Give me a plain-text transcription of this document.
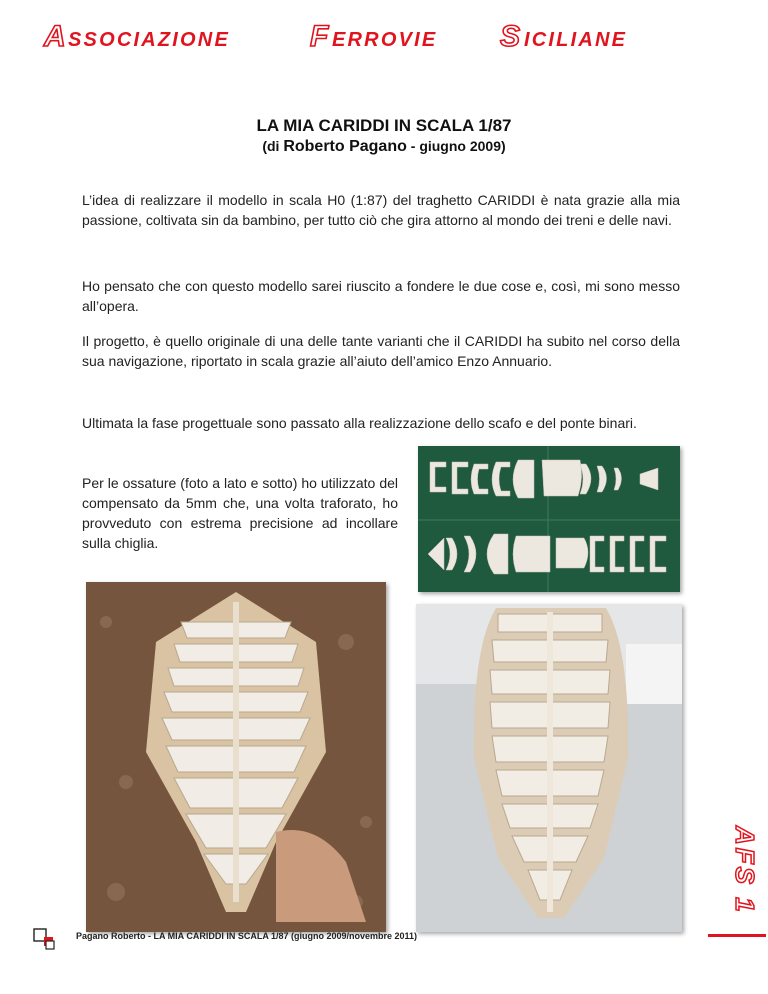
A SSOCIAZIONE	F ERROVIE S ICILIANE
LA MIA CARIDDI IN SCALA 1/87
(di Roberto Pagano - giugno 2009)

L’idea di realizzare il modello in scala H0 (1:87) del traghetto CARIDDI è nata grazie alla mia passione, coltivata sin da bambino, per tutto ciò che gira attorno al mondo dei treni e delle navi.

Ho pensato che con questo modello sarei riuscito a fondere le due cose e, così, mi sono messo all’opera.

Il progetto, è quello originale di una delle tante varianti che il CARIDDI ha subito nel corso della sua navigazione, riportato in scala grazie all’aiuto dell’amico Enzo Annuario.

Ultimata la fase progettuale sono passato alla realizzazione dello scafo e del ponte binari.

Per le ossature (foto a lato e sotto) ho utilizzato del compensato da 5mm che, una volta traforato, ho provveduto con estrema precisione ad incollare sulla chiglia.

AFS 1
Pagano Roberto - LA MIA CARIDDI IN SCALA 1/87 (giugno 2009/novembre 2011)
